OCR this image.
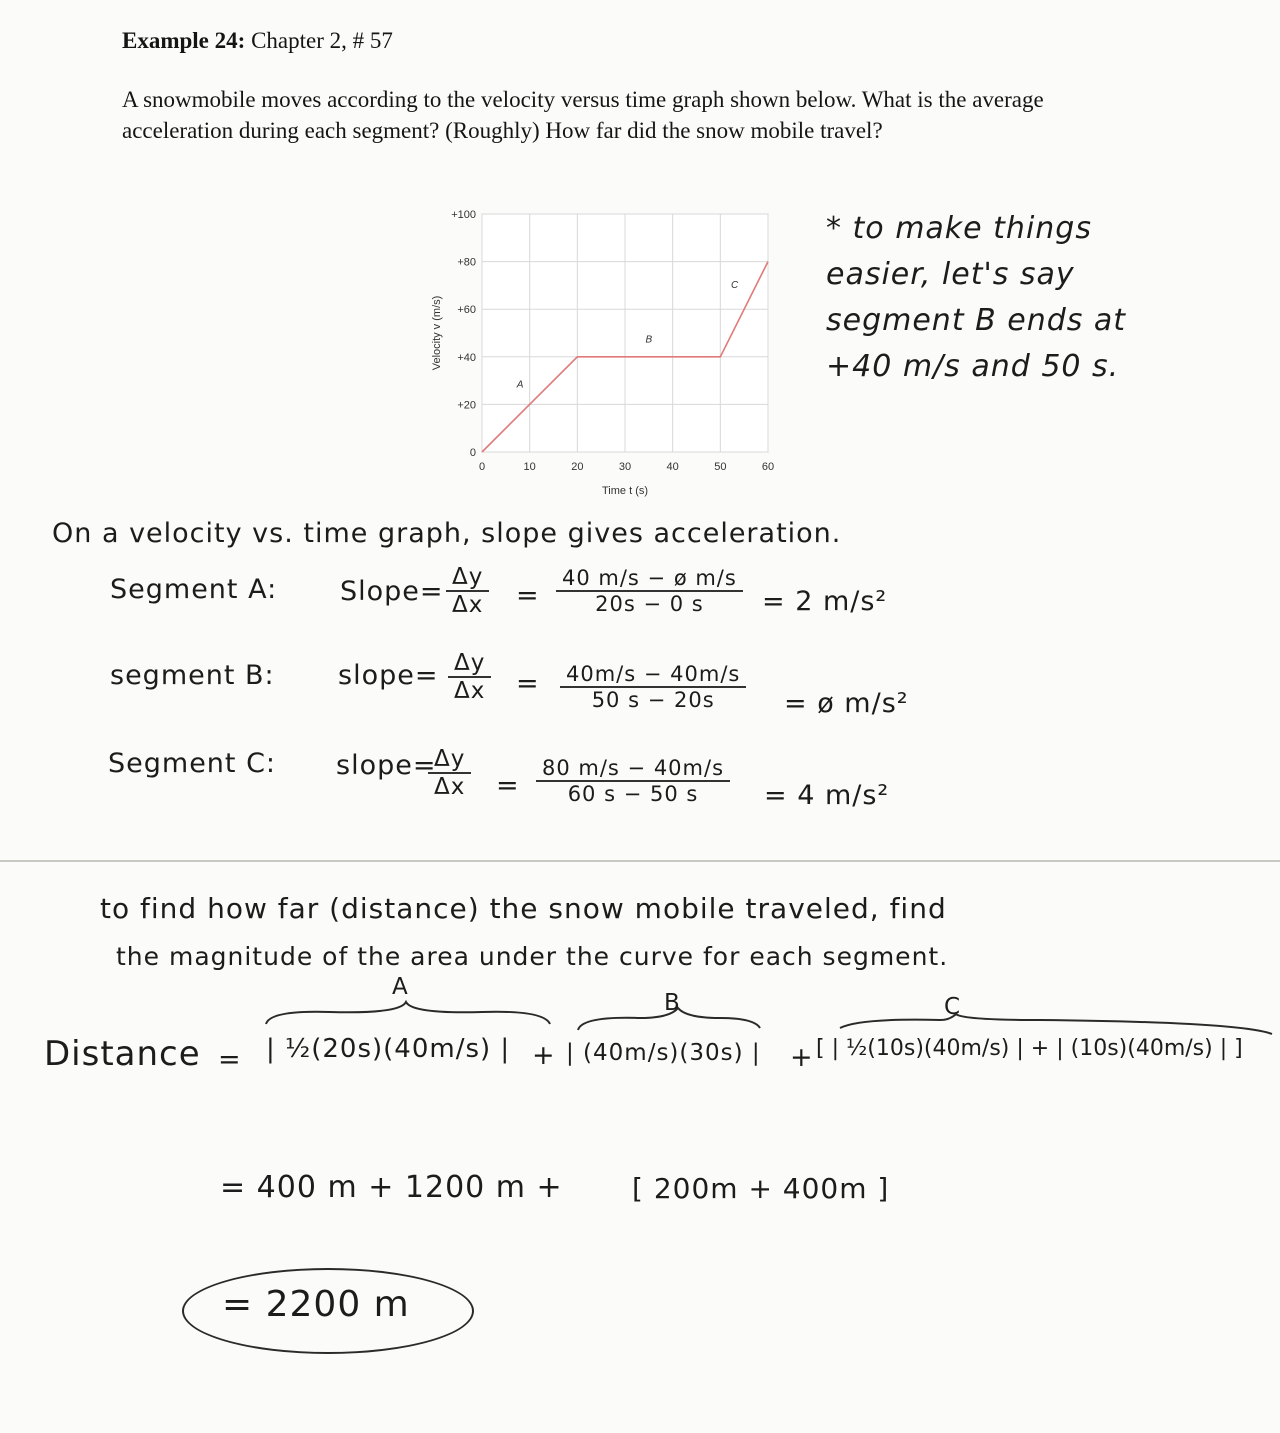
Example 24: Chapter 2, # 57

A snowmobile moves according to the velocity versus time graph shown below. What is the average acceleration during each segment? (Roughly) How far did the snow mobile travel?

0	10	20	30	40	50	60
0
+20
+40
+60
+80
+100
A
B
C
Time t (s)
Velocity v (m/s)
* to make things
easier, let's say
segment B ends at
+40 m/s and 50 s.
On a velocity vs. time graph, slope gives acceleration.
Segment A: Slope= $\frac{\Delta y}{\Delta x} = \frac{\text{40 m/s − ø m/s}}{20s - 0 s} = 2$ m/s²
segment B: slope= $\frac{\Delta y}{\Delta x} = \frac{40m/s - 40m/s}{50 s - 20s}$ = ø m/s²
Segment C: slope=
$\frac{\Delta y}{\Delta x} = \frac{80 m/s - 40m/s}{60 s - 50 s} = 4$ m/s²
to find how far (distance) the snow mobile traveled, find
the magnitude of the area under the curve for each segment.
A
B	C
Distance = | ½(20s)(40m/s) | + | (40m/s)(30s) | + [ | ½(10s)(40m/s) | + | (10s)(40m/s) | ]
= 400 m + 1200 m + [ 200m + 400m ]
= 2200 m
